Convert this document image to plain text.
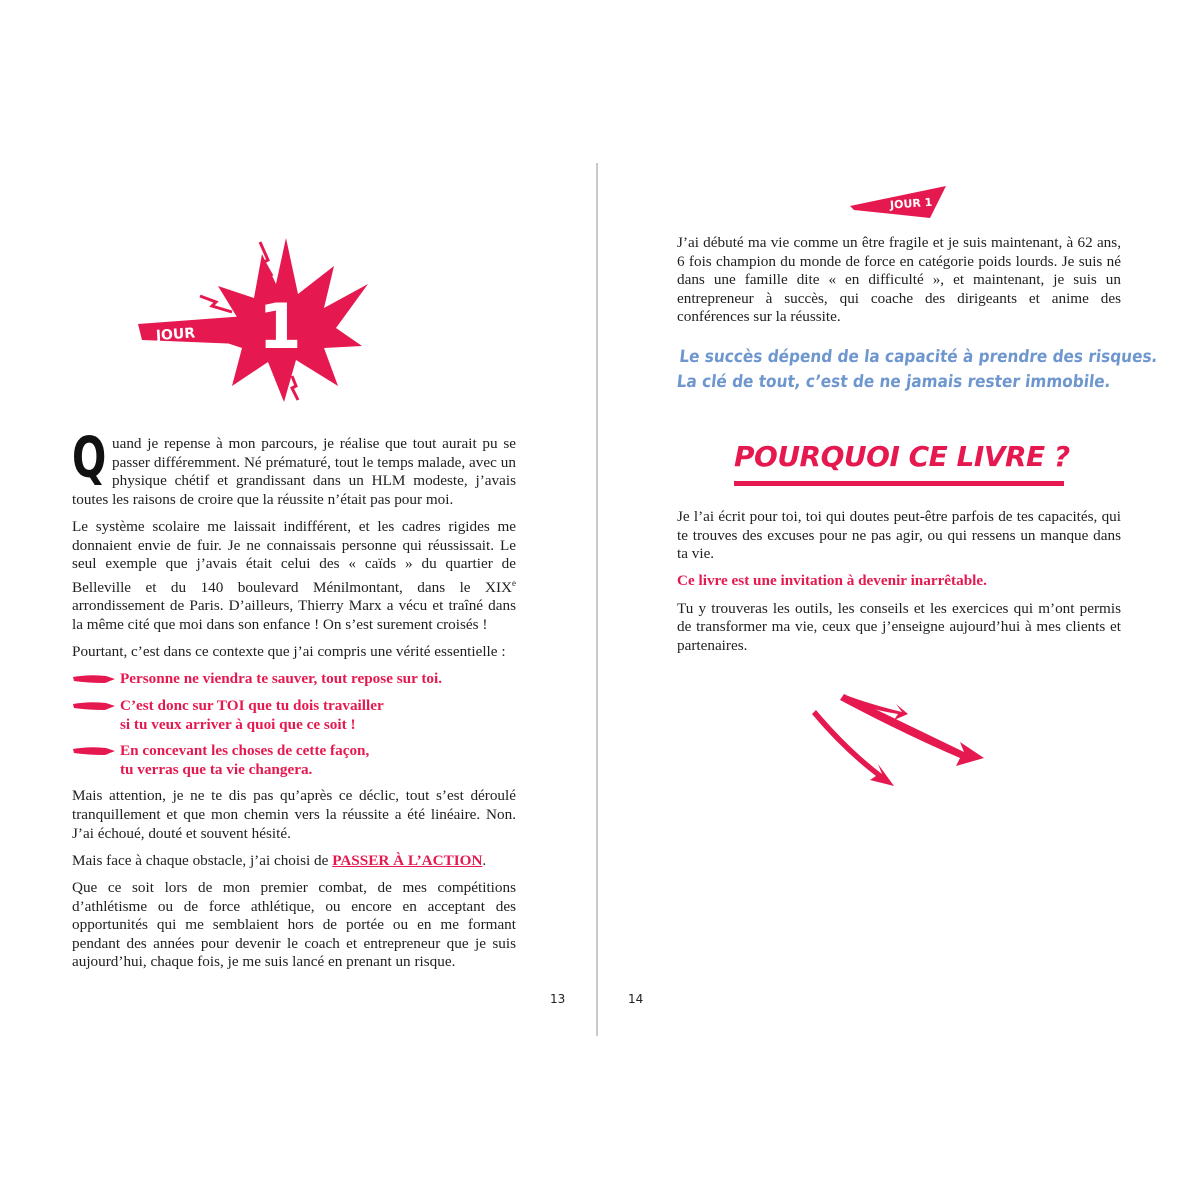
JOUR 1

Quand je repense à mon parcours, je réalise que tout aurait pu se passer différemment. Né prématuré, tout le temps malade, avec un physique chétif et grandissant dans un HLM modeste, j’avais toutes les raisons de croire que la réussite n’était pas pour moi.

Le système scolaire me laissait indifférent, et les cadres rigides me donnaient envie de fuir. Je ne connaissais personne qui réussissait. Le seul exemple que j’avais était celui des « caïds » du quartier de Belleville et du 140 boulevard Ménilmontant, dans le XIXe arrondissement de Paris. D’ailleurs, Thierry Marx a vécu et traîné dans la même cité que moi dans son enfance ! On s’est surement croisés !

Pourtant, c’est dans ce contexte que j’ai compris une vérité essentielle :

Personne ne viendra te sauver, tout repose sur toi.
C’est donc sur TOI que tu dois travailler
si tu veux arriver à quoi que ce soit !
En concevant les choses de cette façon,
tu verras que ta vie changera.

Mais attention, je ne te dis pas qu’après ce déclic, tout s’est déroulé tranquillement et que mon chemin vers la réussite a été linéaire. Non. J’ai échoué, douté et souvent hésité.

Mais face à chaque obstacle, j’ai choisi de PASSER À L’ACTION.

Que ce soit lors de mon premier combat, de mes compétitions d’athlétisme ou de force athlétique, ou encore en acceptant des opportunités qui me semblaient hors de portée ou en me formant pendant des années pour devenir le coach et entrepreneur que je suis aujourd’hui, chaque fois, je me suis lancé en prenant un risque.

13
JOUR 1

J’ai débuté ma vie comme un être fragile et je suis maintenant, à 62 ans, 6 fois champion du monde de force en catégorie poids lourds. Je suis né dans une famille dite « en difficulté », et maintenant, je suis un entrepreneur à succès, qui coache des dirigeants et anime des conférences sur la réussite.

Le succès dépend de la capacité à prendre des risques.
La clé de tout, c’est de ne jamais rester immobile.
POURQUOI CE LIVRE ?

Je l’ai écrit pour toi, toi qui doutes peut-être parfois de tes capacités, qui te trouves des excuses pour ne pas agir, ou qui ressens un manque dans ta vie.

Ce livre est une invitation à devenir inarrêtable.

Tu y trouveras les outils, les conseils et les exercices qui m’ont permis de transformer ma vie, ceux que j’enseigne aujourd’hui à mes clients et partenaires.

14
